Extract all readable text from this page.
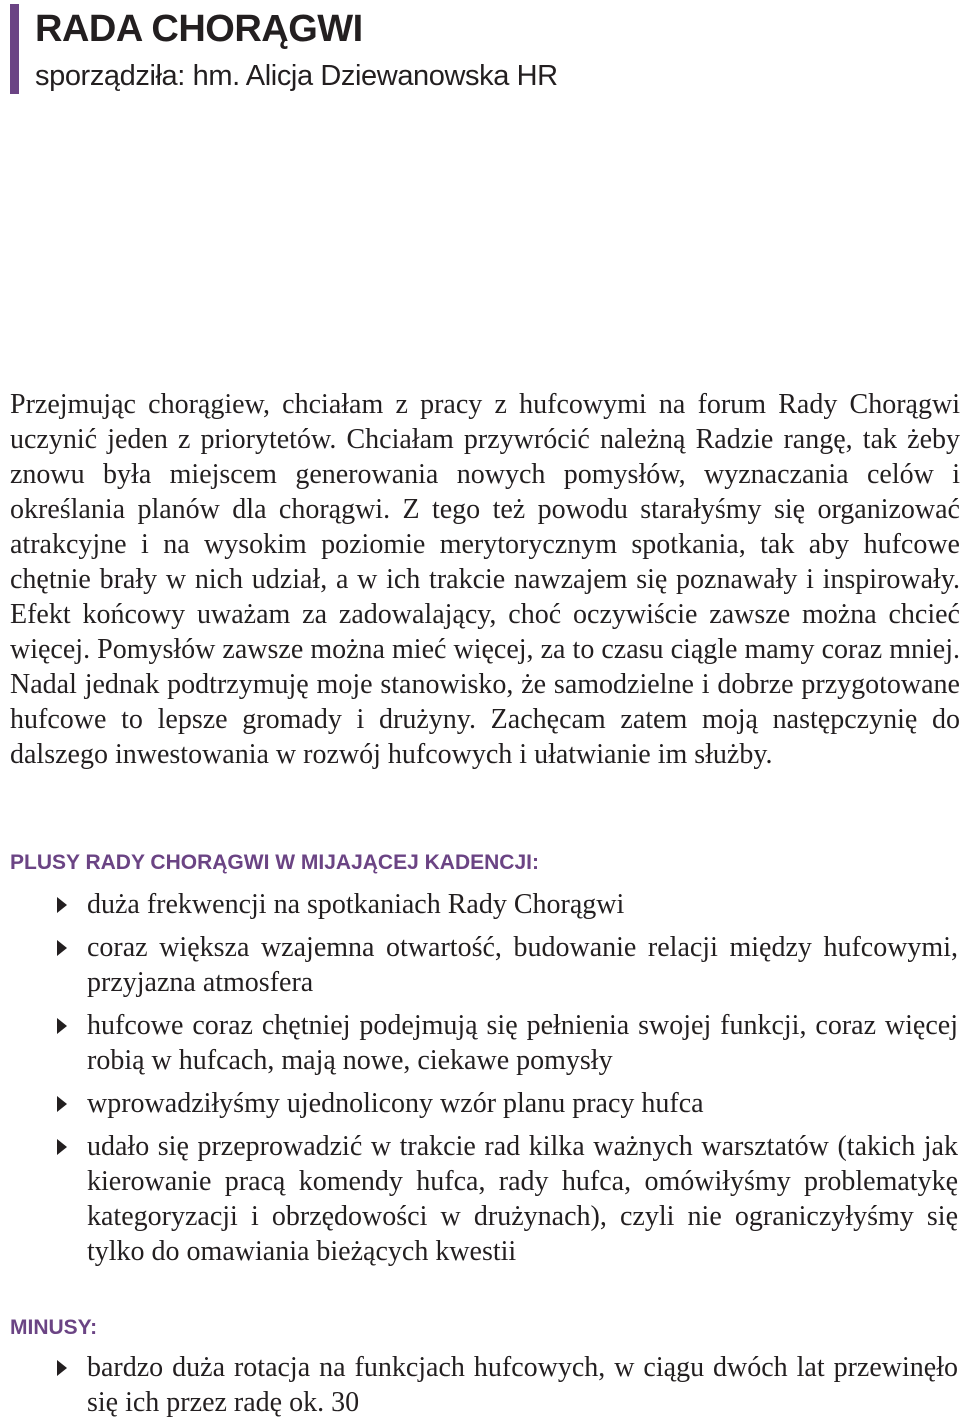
RADA CHORĄGWI
sporządziła: hm. Alicja Dziewanowska HR

Przejmując chorągiew, chciałam z pracy z hufcowymi na forum Rady Chorągwi uczynić jeden z priorytetów. Chciałam przywrócić należną Radzie rangę, tak żeby znowu była miejscem generowania nowych pomysłów, wyznaczania celów i określania planów dla chorągwi. Z tego też powodu starałyśmy się organizować atrakcyjne i na wysokim poziomie merytorycznym spotkania, tak aby hufcowe chętnie brały w nich udział, a w ich trakcie nawzajem się poznawały i inspirowały. Efekt końcowy uważam za zadowalający, choć oczywiście zawsze można chcieć więcej. Pomysłów zawsze można mieć więcej, za to czasu ciągle mamy coraz mniej. Nadal jednak podtrzymuję moje stanowisko, że samodzielne i dobrze przygotowane hufcowe to lepsze gromady i drużyny. Zachęcam zatem moją następczynię do dalszego inwestowania w rozwój hufcowych i ułatwianie im służby.

PLUSY RADY CHORĄGWI W MIJAJĄCEJ KADENCJI:
duża frekwencji na spotkaniach Rady Chorągwi
coraz większa wzajemna otwartość, budowanie relacji między hufcowymi, przyjazna atmosfera
hufcowe coraz chętniej podejmują się pełnienia swojej funkcji, coraz więcej robią w hufcach, mają nowe, ciekawe pomysły
wprowadziłyśmy ujednolicony wzór planu pracy hufca
udało się przeprowadzić w trakcie rad kilka ważnych warsztatów (takich jak kierowanie pracą komendy hufca, rady hufca, omówiłyśmy problematykę kategoryzacji i obrzędowości w drużynach), czyli nie ograniczyłyśmy się tylko do omawiania bieżących kwestii
MINUSY:
bardzo duża rotacja na funkcjach hufcowych, w ciągu dwóch lat przewinęło się ich przez radę ok. 30
